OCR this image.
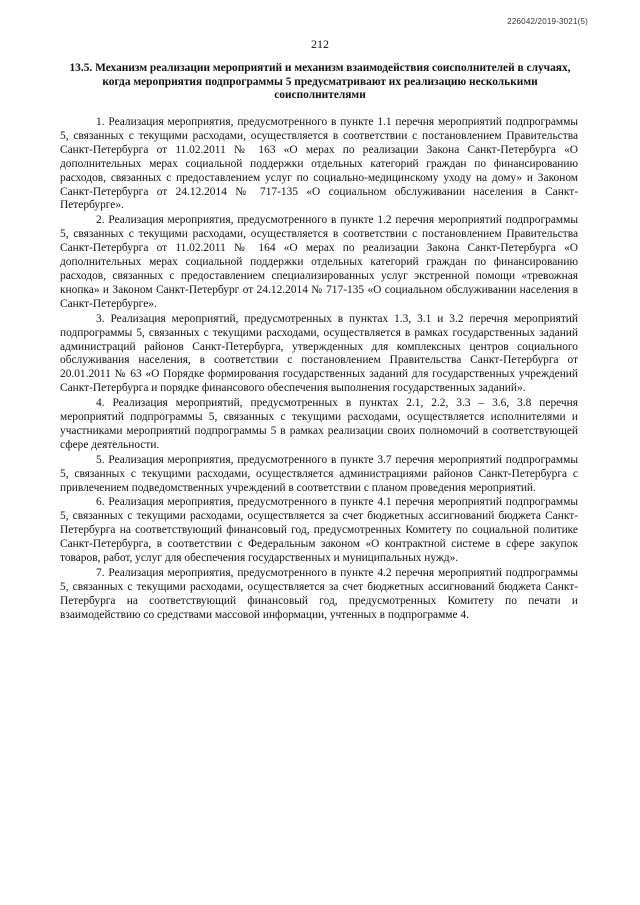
226042/2019-3021(5)
212
13.5. Механизм реализации мероприятий и механизм взаимодействия соисполнителей в случаях, когда мероприятия подпрограммы 5 предусматривают их реализацию несколькими соисполнителями

1. Реализация мероприятия, предусмотренного в пункте 1.1 перечня мероприятий подпрограммы 5, связанных с текущими расходами, осуществляется в соответствии с постановлением Правительства Санкт-Петербурга от 11.02.2011 № 163 «О мерах по реализации Закона Санкт-Петербурга «О дополнительных мерах социальной поддержки отдельных категорий граждан по финансированию расходов, связанных с предоставлением услуг по социально-медицинскому уходу на дому» и Законом Санкт-Петербурга от 24.12.2014 № 717-135 «О социальном обслуживании населения в Санкт-Петербурге».

2. Реализация мероприятия, предусмотренного в пункте 1.2 перечня мероприятий подпрограммы 5, связанных с текущими расходами, осуществляется в соответствии с постановлением Правительства Санкт-Петербурга от 11.02.2011 № 164 «О мерах по реализации Закона Санкт-Петербурга «О дополнительных мерах социальной поддержки отдельных категорий граждан по финансированию расходов, связанных с предоставлением специализированных услуг экстренной помощи «тревожная кнопка» и Законом Санкт-Петербург от 24.12.2014 № 717-135 «О социальном обслуживании населения в Санкт-Петербурге».

3. Реализация мероприятий, предусмотренных в пунктах 1.3, 3.1 и 3.2 перечня мероприятий подпрограммы 5, связанных с текущими расходами, осуществляется в рамках государственных заданий администраций районов Санкт-Петербурга, утвержденных для комплексных центров социального обслуживания населения, в соответствии с постановлением Правительства Санкт-Петербурга от 20.01.2011 № 63 «О Порядке формирования государственных заданий для государственных учреждений Санкт-Петербурга и порядке финансового обеспечения выполнения государственных заданий».

4. Реализация мероприятий, предусмотренных в пунктах 2.1, 2.2, 3.3 – 3.6, 3.8 перечня мероприятий подпрограммы 5, связанных с текущими расходами, осуществляется исполнителями и участниками мероприятий подпрограммы 5 в рамках реализации своих полномочий в соответствующей сфере деятельности.

5. Реализация мероприятия, предусмотренного в пункте 3.7 перечня мероприятий подпрограммы 5, связанных с текущими расходами, осуществляется администрациями районов Санкт-Петербурга с привлечением подведомственных учреждений в соответствии с планом проведения мероприятий.

6. Реализация мероприятия, предусмотренного в пункте 4.1 перечня мероприятий подпрограммы 5, связанных с текущими расходами, осуществляется за счет бюджетных ассигнований бюджета Санкт-Петербурга на соответствующий финансовый год, предусмотренных Комитету по социальной политике Санкт-Петербурга, в соответствии с Федеральным законом «О контрактной системе в сфере закупок товаров, работ, услуг для обеспечения государственных и муниципальных нужд».

7. Реализация мероприятия, предусмотренного в пункте 4.2 перечня мероприятий подпрограммы 5, связанных с текущими расходами, осуществляется за счет бюджетных ассигнований бюджета Санкт-Петербурга на соответствующий финансовый год, предусмотренных Комитету по печати и взаимодействию со средствами массовой информации, учтенных в подпрограмме 4.
